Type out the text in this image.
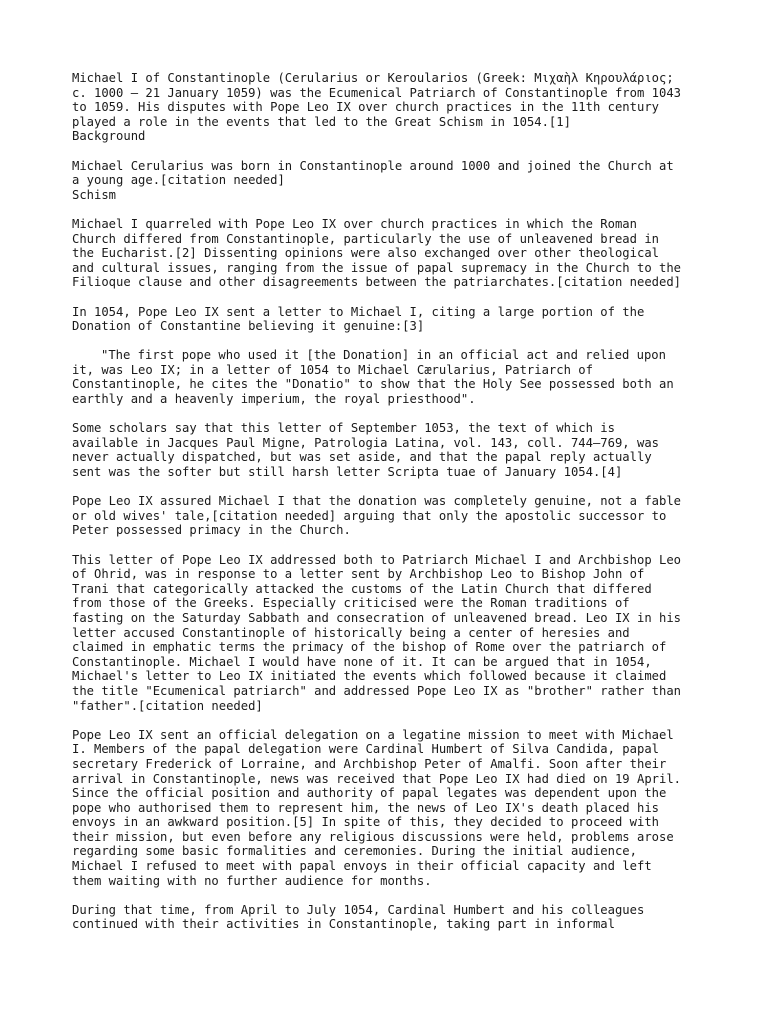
Michael I of Constantinople (Cerularius or Keroularios (Greek: Μιχαὴλ Κηρουλάριος;
c. 1000 – 21 January 1059) was the Ecumenical Patriarch of Constantinople from 1043
to 1059. His disputes with Pope Leo IX over church practices in the 11th century
played a role in the events that led to the Great Schism in 1054.[1]
Background
Michael Cerularius was born in Constantinople around 1000 and joined the Church at
a young age.[citation needed]
Schism
Michael I quarreled with Pope Leo IX over church practices in which the Roman
Church differed from Constantinople, particularly the use of unleavened bread in
the Eucharist.[2] Dissenting opinions were also exchanged over other theological
and cultural issues, ranging from the issue of papal supremacy in the Church to the
Filioque clause and other disagreements between the patriarchates.[citation needed]
In 1054, Pope Leo IX sent a letter to Michael I, citing a large portion of the
Donation of Constantine believing it genuine:[3]
"The first pope who used it [the Donation] in an official act and relied upon
it, was Leo IX; in a letter of 1054 to Michael Cærularius, Patriarch of
Constantinople, he cites the "Donatio" to show that the Holy See possessed both an
earthly and a heavenly imperium, the royal priesthood".
Some scholars say that this letter of September 1053, the text of which is
available in Jacques Paul Migne, Patrologia Latina, vol. 143, coll. 744–769, was
never actually dispatched, but was set aside, and that the papal reply actually
sent was the softer but still harsh letter Scripta tuae of January 1054.[4]
Pope Leo IX assured Michael I that the donation was completely genuine, not a fable
or old wives' tale,[citation needed] arguing that only the apostolic successor to
Peter possessed primacy in the Church.
This letter of Pope Leo IX addressed both to Patriarch Michael I and Archbishop Leo
of Ohrid, was in response to a letter sent by Archbishop Leo to Bishop John of
Trani that categorically attacked the customs of the Latin Church that differed
from those of the Greeks. Especially criticised were the Roman traditions of
fasting on the Saturday Sabbath and consecration of unleavened bread. Leo IX in his
letter accused Constantinople of historically being a center of heresies and
claimed in emphatic terms the primacy of the bishop of Rome over the patriarch of
Constantinople. Michael I would have none of it. It can be argued that in 1054,
Michael's letter to Leo IX initiated the events which followed because it claimed
the title "Ecumenical patriarch" and addressed Pope Leo IX as "brother" rather than
"father".[citation needed]
Pope Leo IX sent an official delegation on a legatine mission to meet with Michael
I. Members of the papal delegation were Cardinal Humbert of Silva Candida, papal
secretary Frederick of Lorraine, and Archbishop Peter of Amalfi. Soon after their
arrival in Constantinople, news was received that Pope Leo IX had died on 19 April.
Since the official position and authority of papal legates was dependent upon the
pope who authorised them to represent him, the news of Leo IX's death placed his
envoys in an awkward position.[5] In spite of this, they decided to proceed with
their mission, but even before any religious discussions were held, problems arose
regarding some basic formalities and ceremonies. During the initial audience,
Michael I refused to meet with papal envoys in their official capacity and left
them waiting with no further audience for months.
During that time, from April to July 1054, Cardinal Humbert and his colleagues
continued with their activities in Constantinople, taking part in informal
